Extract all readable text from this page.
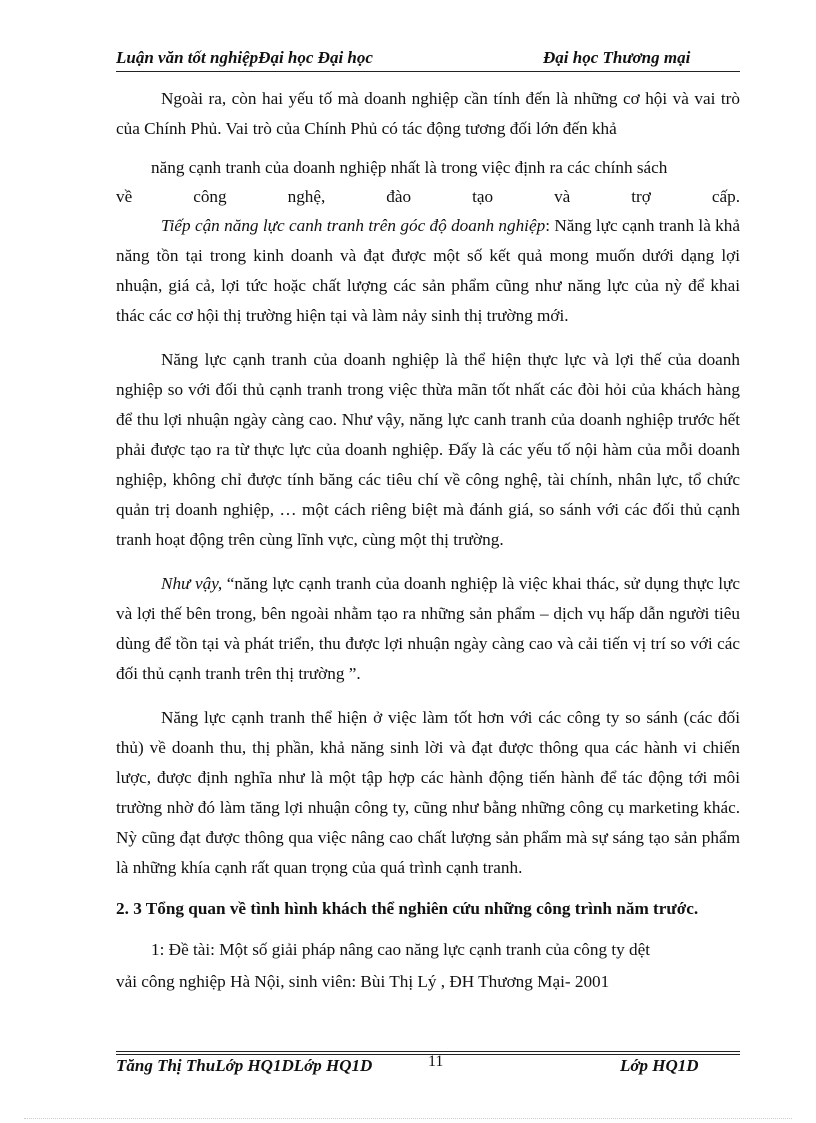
Luận văn tốt nghiệpĐại học Đại học	Đại học Thương mại

Ngoài ra, còn hai yếu tố mà doanh nghiệp cần tính đến là những cơ hội và vai trò của Chính Phủ. Vai trò của Chính Phủ có tác động tương đối lớn đến khả

năng cạnh tranh của doanh nghiệp nhất là trong việc định ra các chính sách

về công nghệ, đào tạo và trợ cấp.

Tiếp cận năng lực canh tranh trên góc độ doanh nghiệp: Năng lực cạnh tranh là khả năng tồn tại trong kinh doanh và đạt được một số kết quả mong muốn dưới dạng lợi nhuận, giá cả, lợi tức hoặc chất lượng các sản phẩm cũng như năng lực của nỳ để khai thác các cơ hội thị trường hiện tại và làm nảy sinh thị trường mới.

Năng lực cạnh tranh của doanh nghiệp là thể hiện thực lực và lợi thế của doanh nghiệp so với đối thủ cạnh tranh trong việc thừa mãn tốt nhất các đòi hỏi của khách hàng để thu lợi nhuận ngày càng cao. Như vậy, năng lực canh tranh của doanh nghiệp trước hết phải được tạo ra từ thực lực của doanh nghiệp. Đấy là các yếu tố nội hàm của mỗi doanh nghiệp, không chỉ được tính băng các tiêu chí về công nghệ, tài chính, nhân lực, tổ chức quản trị doanh nghiệp, … một cách riêng biệt mà đánh giá, so sánh với các đối thủ cạnh tranh hoạt động trên cùng lĩnh vực, cùng một thị trường.

Như vậy, “năng lực cạnh tranh của doanh nghiệp là việc khai thác, sử dụng thực lực và lợi thế bên trong, bên ngoài nhằm tạo ra những sản phẩm – dịch vụ hấp dẫn người tiêu dùng để tồn tại và phát triển, thu được lợi nhuận ngày càng cao và cải tiến vị trí so với các đối thủ cạnh tranh trên thị trường ”.

Năng lực cạnh tranh thể hiện ở việc làm tốt hơn với các công ty so sánh (các đối thủ) về doanh thu, thị phần, khả năng sinh lời và đạt được thông qua các hành vi chiến lược, được định nghĩa như là một tập hợp các hành động tiến hành để tác động tới môi trường nhờ đó làm tăng lợi nhuận công ty, cũng như bằng những công cụ marketing khác. Nỳ cũng đạt được thông qua việc nâng cao chất lượng sản phẩm mà sự sáng tạo sản phẩm là những khía cạnh rất quan trọng của quá trình cạnh tranh.

2. 3 Tổng quan về tình hình khách thể nghiên cứu những công trình năm trước.

1: Đề tài: Một số giải pháp nâng cao năng lực cạnh tranh của công ty dệt

vải công nghiệp Hà Nội, sinh viên: Bùi Thị Lý , ĐH Thương Mại- 2001

Tăng Thị ThuLớp HQ1DLớp HQ1D	11	Lớp HQ1D
